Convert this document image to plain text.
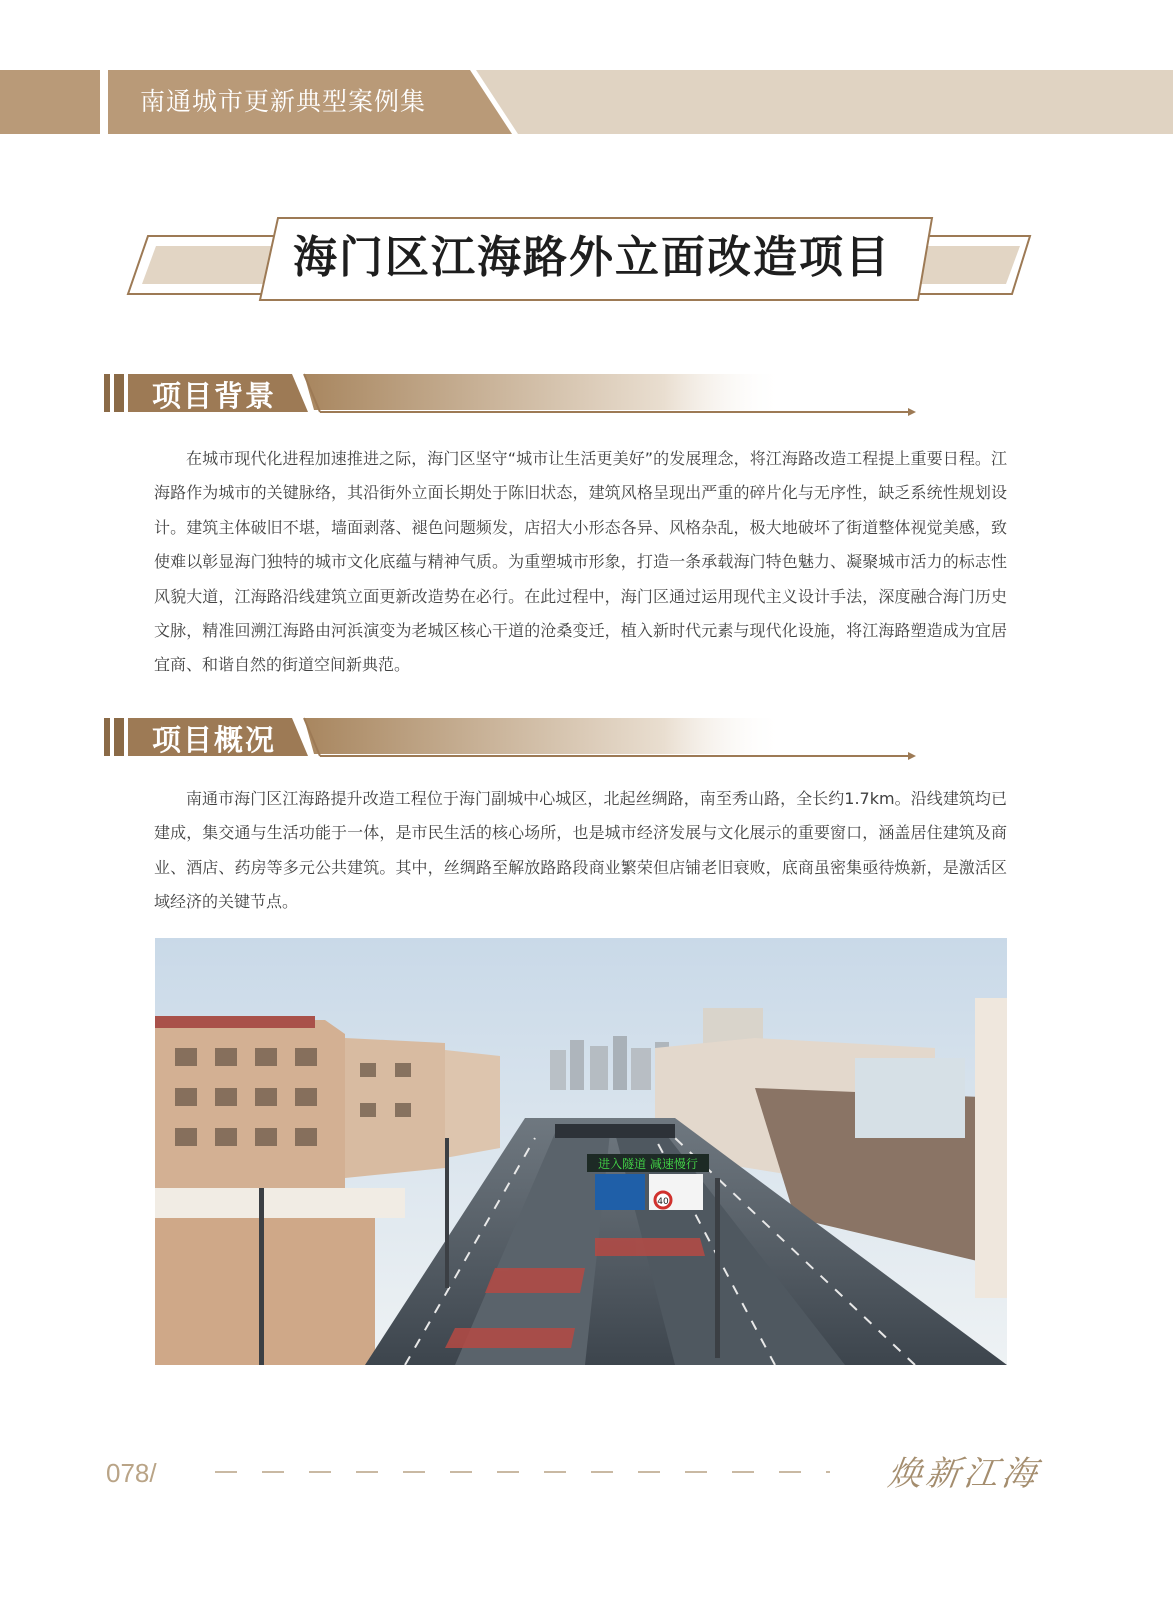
南通城市更新典型案例集
海门区江海路外立面改造项目
项目背景

在城市现代化进程加速推进之际，海门区坚守“城市让生活更美好”的发展理念，将江海路改造工程提上重要日程。江海路作为城市的关键脉络，其沿街外立面长期处于陈旧状态，建筑风格呈现出严重的碎片化与无序性，缺乏系统性规划设计。建筑主体破旧不堪，墙面剥落、褪色问题频发，店招大小形态各异、风格杂乱，极大地破坏了街道整体视觉美感，致使难以彰显海门独特的城市文化底蕴与精神气质。为重塑城市形象，打造一条承载海门特色魅力、凝聚城市活力的标志性风貌大道，江海路沿线建筑立面更新改造势在必行。在此过程中，海门区通过运用现代主义设计手法，深度融合海门历史文脉，精准回溯江海路由河浜演变为老城区核心干道的沧桑变迁，植入新时代元素与现代化设施，将江海路塑造成为宜居宜商、和谐自然的街道空间新典范。

项目概况

南通市海门区江海路提升改造工程位于海门副城中心城区，北起丝绸路，南至秀山路，全长约1.7km。沿线建筑均已建成，集交通与生活功能于一体，是市民生活的核心场所，也是城市经济发展与文化展示的重要窗口，涵盖居住建筑及商业、酒店、药房等多元公共建筑。其中，丝绸路至解放路路段商业繁荣但店铺老旧衰败，底商虽密集亟待焕新，是激活区域经济的关键节点。

进入隧道 减速慢行
40
078/	焕新江海
